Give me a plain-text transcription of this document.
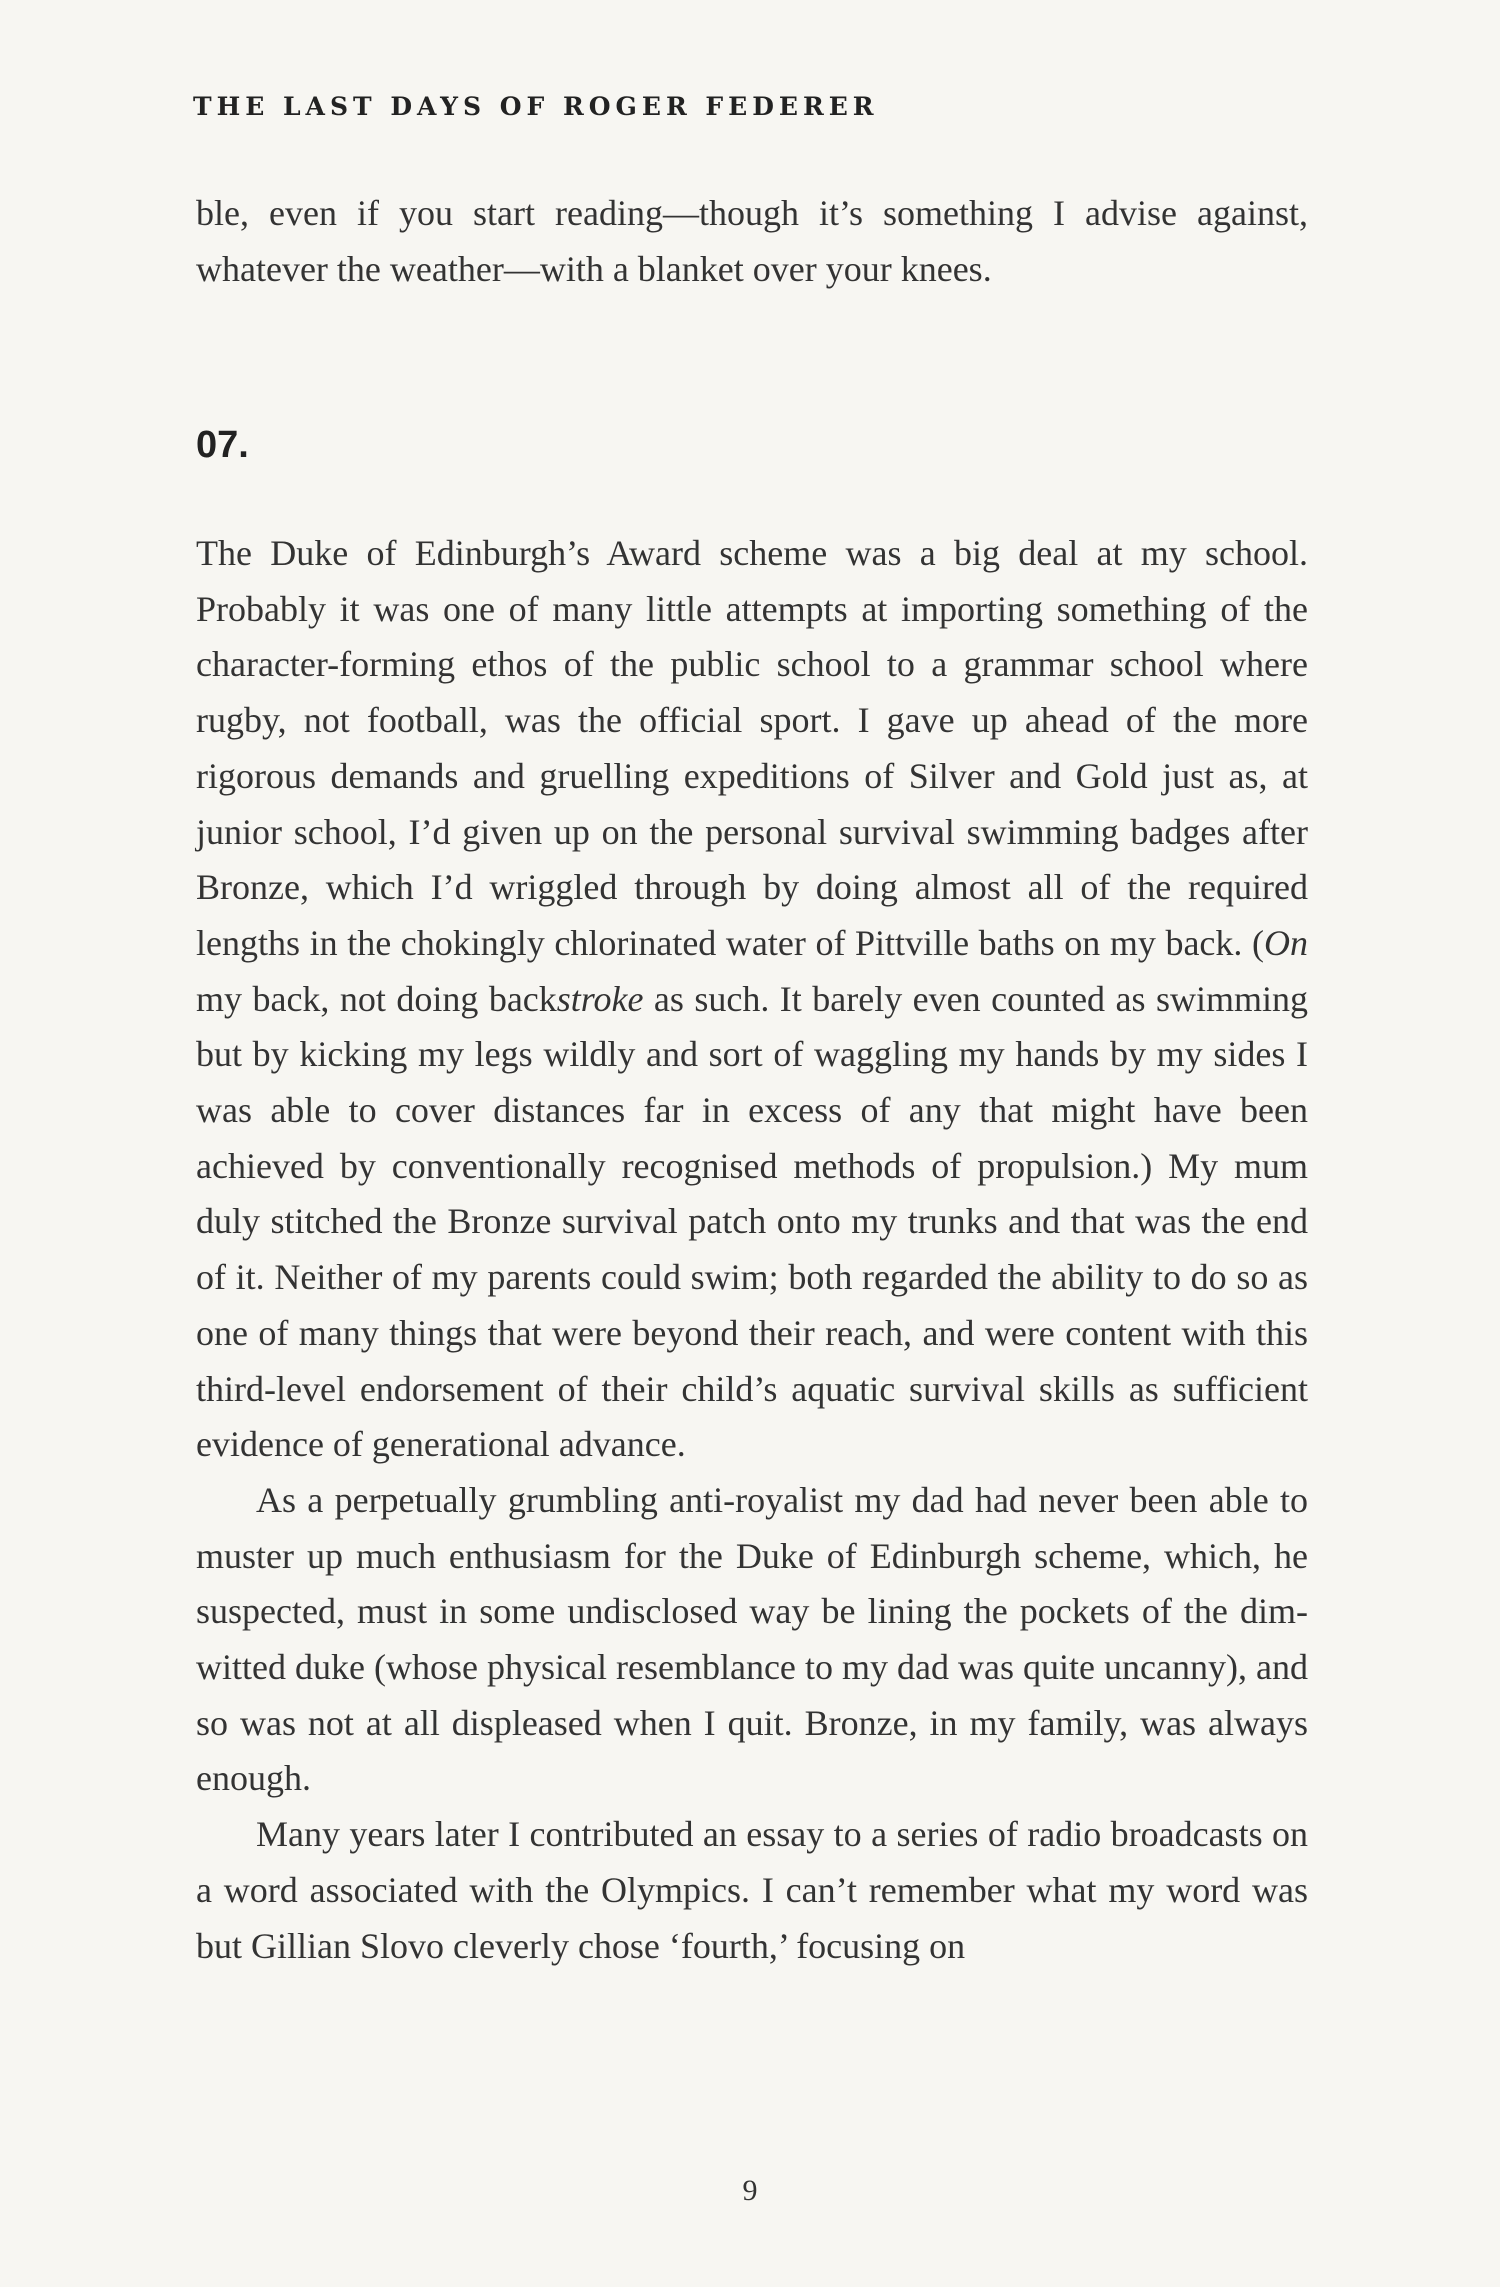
THE LAST DAYS OF ROGER FEDERER

ble, even if you start reading—though it’s something I advise against, whatever the weather—with a blanket over your knees.

07.

The Duke of Edinburgh’s Award scheme was a big deal at my school. Probably it was one of many little attempts at importing something of the character-forming ethos of the public school to a grammar school where rugby, not football, was the official sport. I gave up ahead of the more rigorous demands and gruelling expeditions of Silver and Gold just as, at junior school, I’d given up on the personal survival swimming badges after Bronze, which I’d wriggled through by doing almost all of the required lengths in the chokingly chlorinated water of Pittville baths on my back. (On my back, not doing backstroke as such. It barely even counted as swimming but by kicking my legs wildly and sort of waggling my hands by my sides I was able to cover distances far in excess of any that might have been achieved by conventionally recognised methods of propulsion.) My mum duly stitched the Bronze survival patch onto my trunks and that was the end of it. Neither of my parents could swim; both regarded the ability to do so as one of many things that were beyond their reach, and were content with this third-level endorsement of their child’s aquatic survival skills as sufficient evidence of generational advance.

As a perpetually grumbling anti-royalist my dad had never been able to muster up much enthusiasm for the Duke of Edinburgh scheme, which, he suspected, must in some undisclosed way be lining the pockets of the dim-witted duke (whose physical resemblance to my dad was quite uncanny), and so was not at all displeased when I quit. Bronze, in my family, was always enough.

Many years later I contributed an essay to a series of radio broadcasts on a word associated with the Olympics. I can’t remember what my word was but Gillian Slovo cleverly chose ‘fourth,’ focusing on

9
